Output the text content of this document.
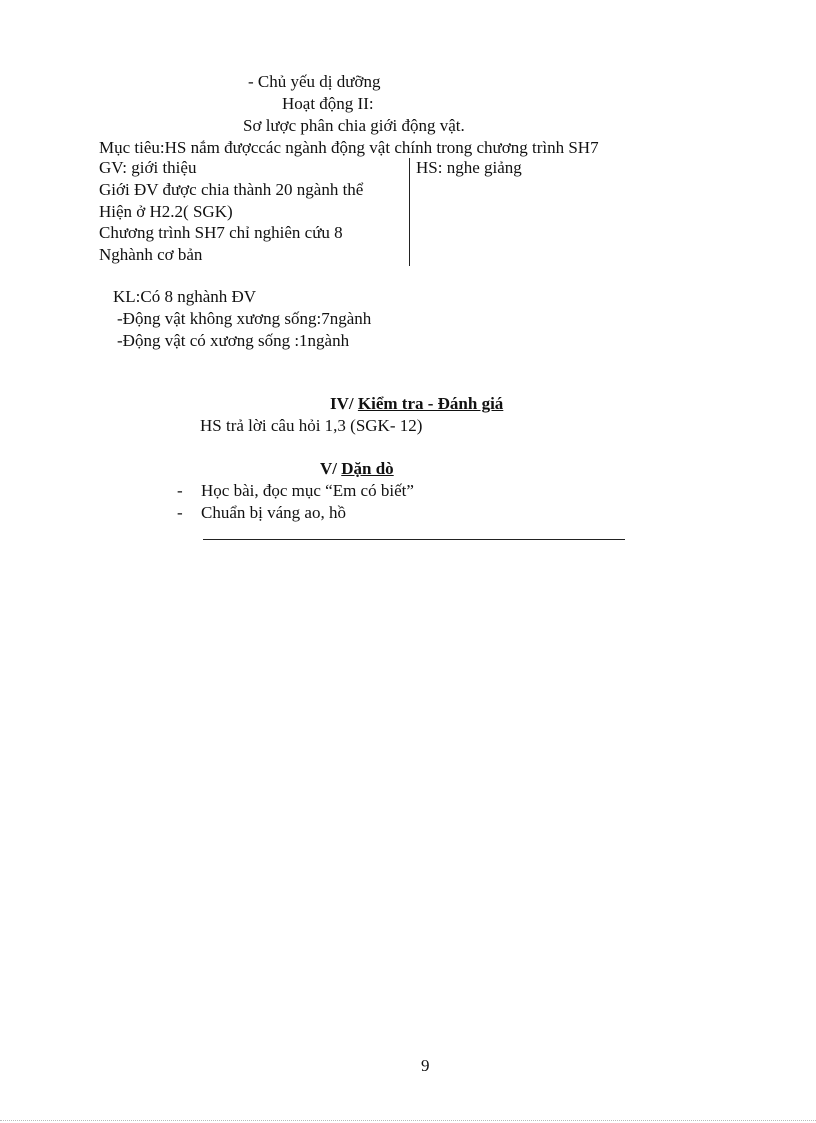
- Chủ yếu dị dưỡng
Hoạt động II:
Sơ lược phân chia giới động vật.
Mục tiêu:HS nắm đượccác ngành động vật chính trong chương trình SH7
GV: giới thiệu
Giới ĐV được chia thành 20 ngành thể
Hiện ở H2.2( SGK)
Chương trình SH7 chỉ nghiên cứu 8
Nghành cơ bản
HS: nghe giảng
KL:Có 8 nghành ĐV
-Động vật không xương sống:7ngành
-Động vật có xương sống :1ngành
IV/ Kiểm tra - Đánh giá
HS trả lời câu hỏi 1,3 (SGK- 12)
V/ Dặn dò
- Học bài, đọc mục “Em có biết”
- Chuẩn bị váng ao, hồ
9
